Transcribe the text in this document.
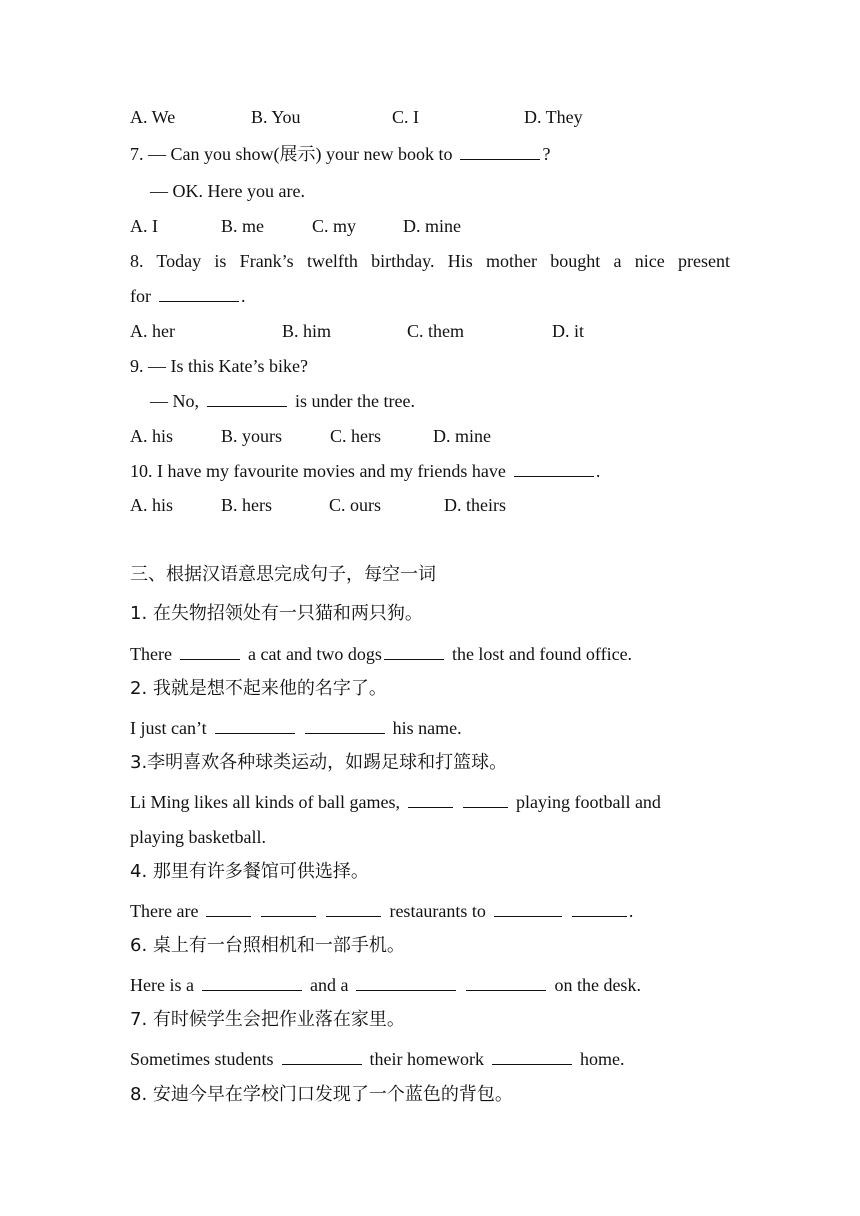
A. We	B. You	C. I	D. They
7. — Can you show(展示) your new book to	?
— OK. Here you are.
A. I	B. me	C. my	D. mine
8. Today is Frank’s twelfth birthday. His mother bought a nice present
for	.
A. her	B. him	C. them	D. it
9. — Is this Kate’s bike?
— No,	is under the tree.
A. his	B. yours	C. hers	D. mine
10. I have my favourite movies and my friends have	.
A. his	B. hers	C. ours	D. theirs
三、根据汉语意思完成句子，每空一词
1. 在失物招领处有一只猫和两只狗。
There	a cat and two dogs	the lost and found office.
2. 我就是想不起来他的名字了。
I just can’t	his name.
3.李明喜欢各种球类运动，如踢足球和打篮球。
Li Ming likes all kinds of ball games,	playing football and
playing basketball.
4. 那里有许多餐馆可供选择。
There are	restaurants to	.
6. 桌上有一台照相机和一部手机。
Here is a	and a	on the desk.
7. 有时候学生会把作业落在家里。
Sometimes students	their homework	home.
8. 安迪今早在学校门口发现了一个蓝色的背包。
